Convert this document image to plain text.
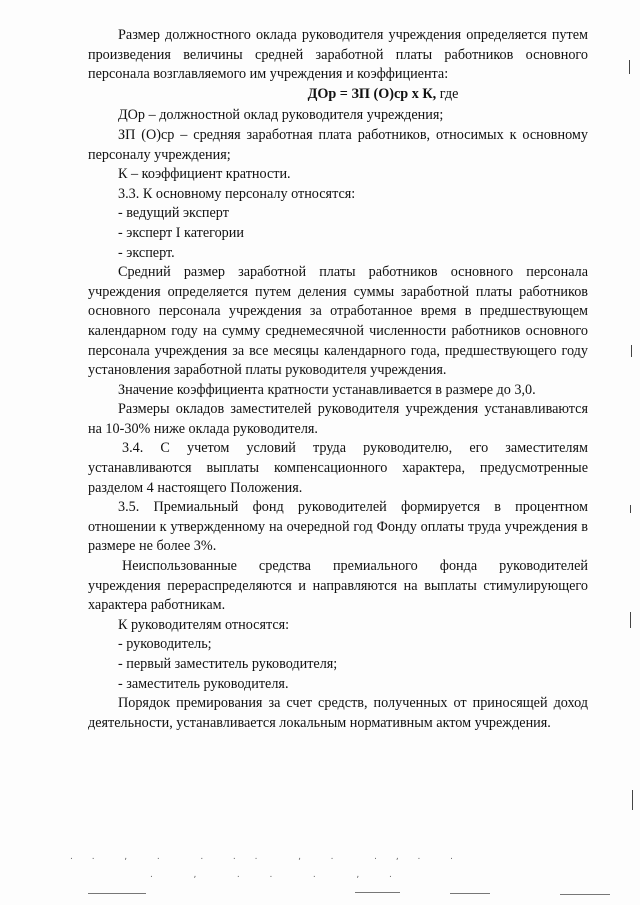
Размер должностного оклада руководителя учреждения определяется путем произведения величины средней заработной платы работников основного персонала возглавляемого им учреждения и коэффициента:

ДОр = ЗП (О)ср х К, где

ДОр – должностной оклад руководителя учреждения;

ЗП (О)ср – средняя заработная плата работников, относимых к основному персоналу учреждения;

К – коэффициент кратности.

3.3. К основному персоналу относятся:

- ведущий эксперт

- эксперт I категории

- эксперт.

Средний размер заработной платы работников основного персонала учреждения определяется путем деления суммы заработной платы работников основного персонала учреждения за отработанное время в предшествующем календарном году на сумму среднемесячной численности работников основного персонала учреждения за все месяцы календарного года, предшествующего году установления заработной платы руководителя учреждения.

Значение коэффициента кратности устанавливается в размере до 3,0.

Размеры окладов заместителей руководителя учреждения устанавливаются на 10-30% ниже оклада руководителя.

3.4. С учетом условий труда руководителю, его заместителям устанавливаются выплаты компенсационного характера, предусмотренные разделом 4 настоящего Положения.

3.5. Премиальный фонд руководителей формируется в процентном отношении к утвержденному на очередной год Фонду оплаты труда учреждения в размере не более 3%.

Неиспользованные средства премиального фонда руководителей учреждения перераспределяются и направляются на выплаты стимулирующего характера работникам.

К руководителям относятся:

- руководитель;

- первый заместитель руководителя;

- заместитель руководителя.

Порядок премирования за счет средств, полученных от приносящей доход деятельности, устанавливается локальным нормативным актом учреждения.

. .  ,  .   .  . .   ,  .   . , .  .
.   ,   .  .   .   ,  .
